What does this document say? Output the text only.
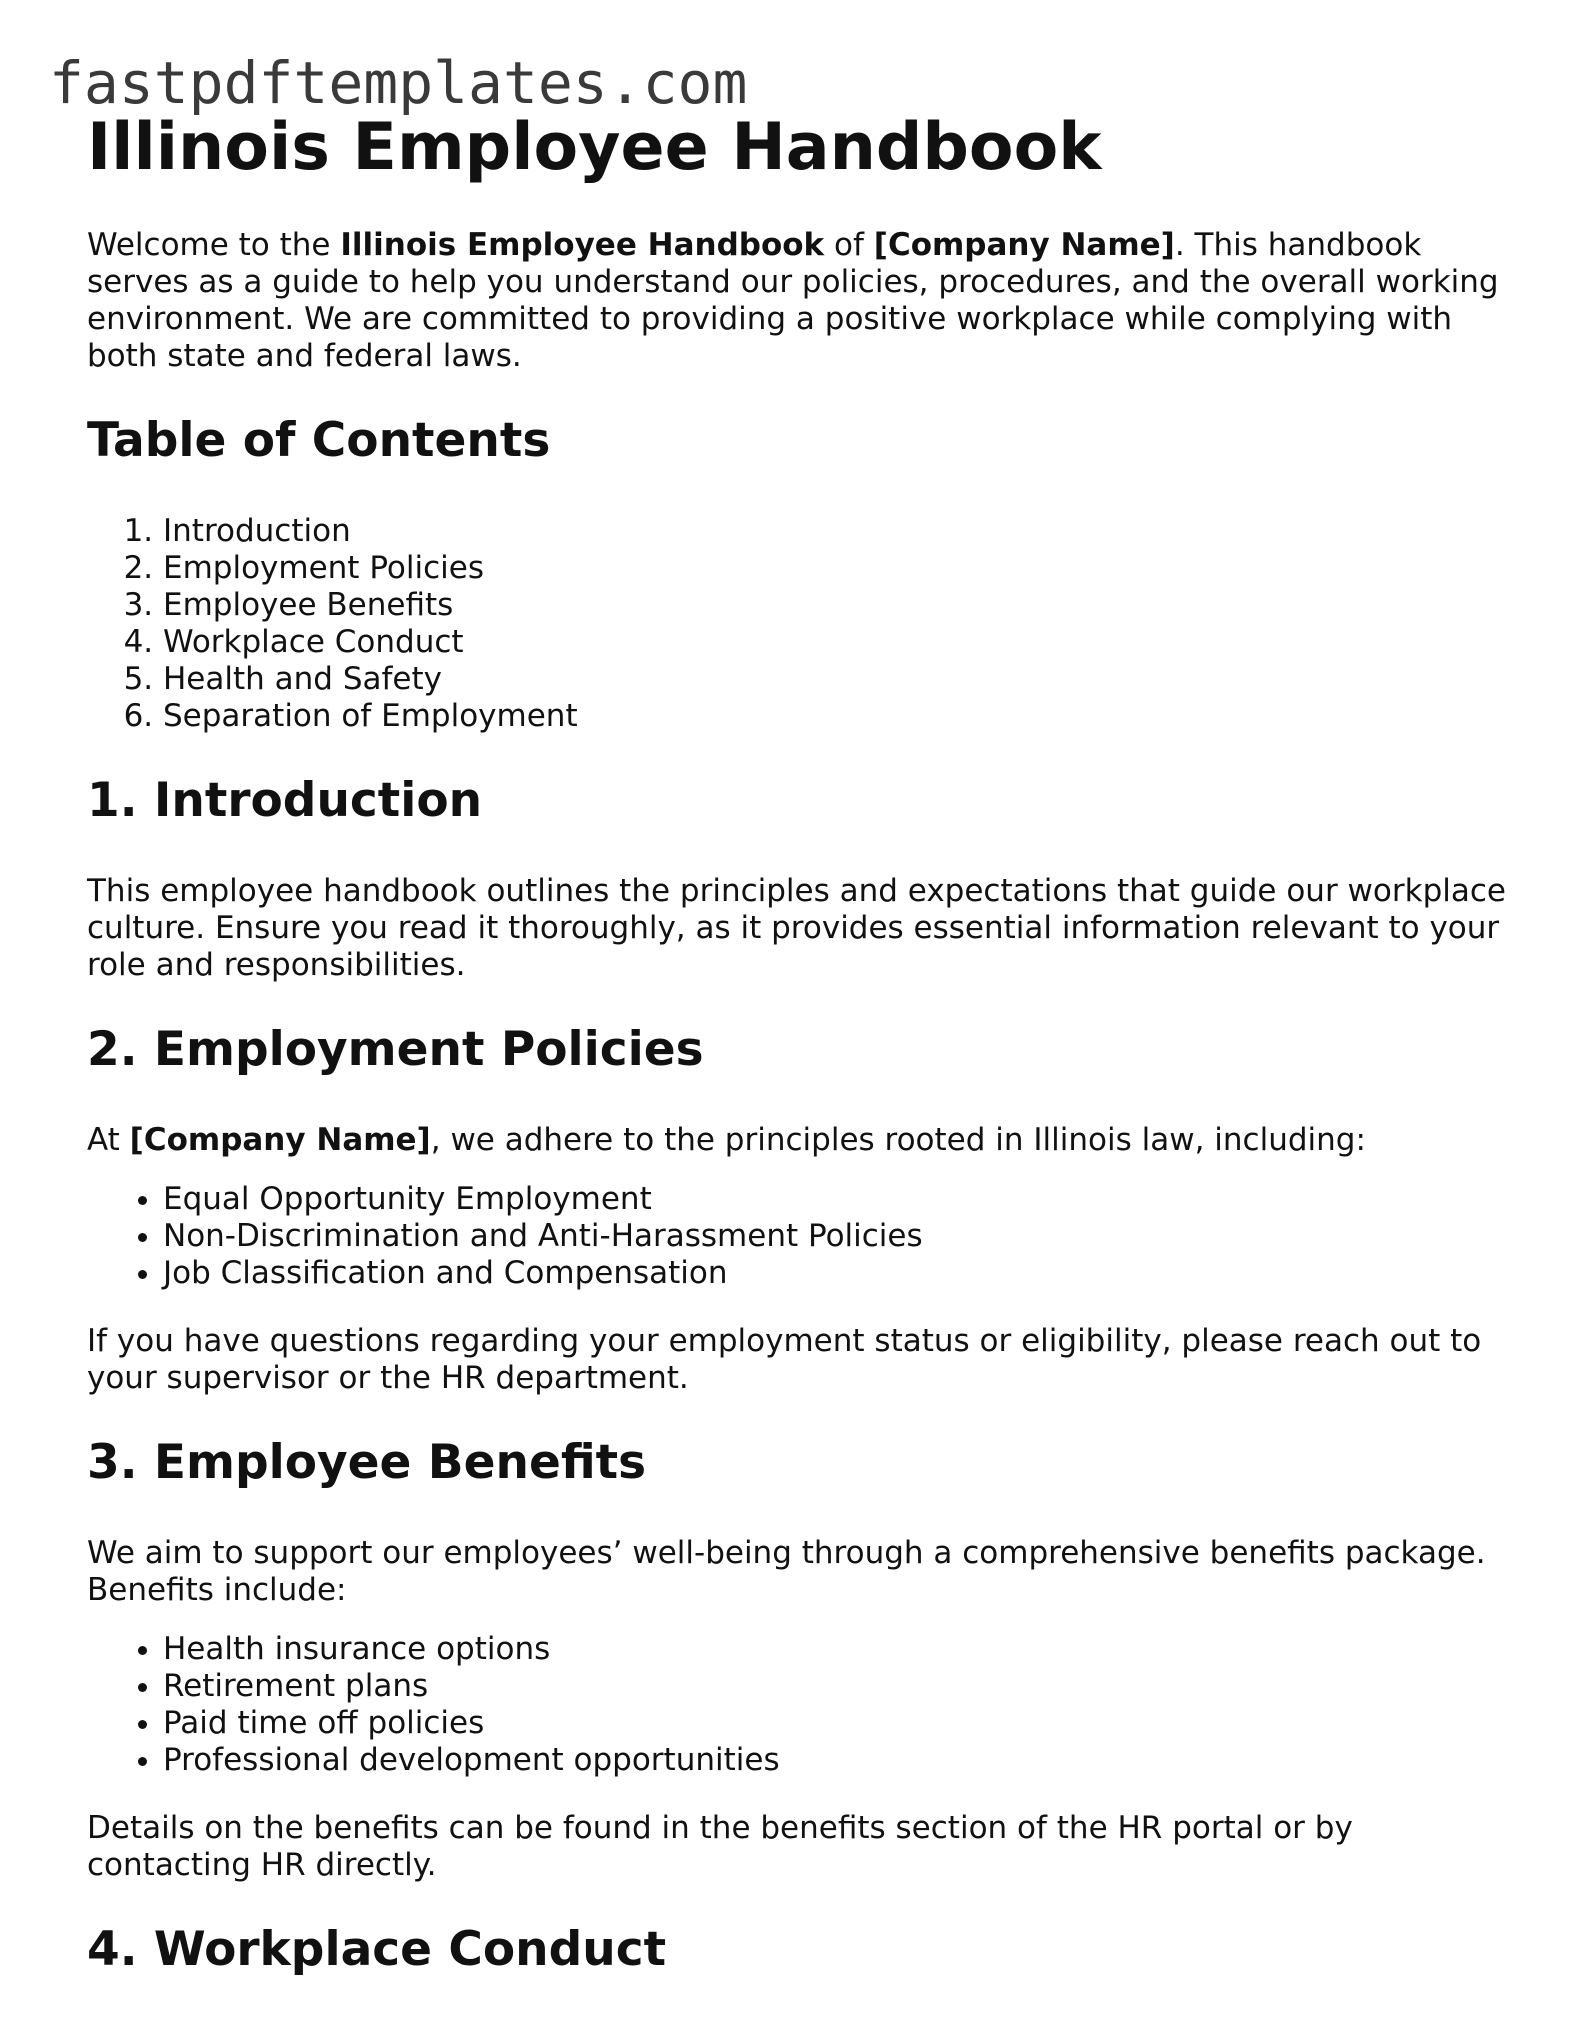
fastpdftemplates.com
Illinois Employee Handbook

Welcome to the Illinois Employee Handbook of [Company Name]. This handbook serves as a guide to help you understand our policies, procedures, and the overall working environment. We are committed to providing a positive workplace while complying with both state and federal laws.

Table of Contents
1. Introduction
2. Employment Policies
3. Employee Benefits
4. Workplace Conduct
5. Health and Safety
6. Separation of Employment
1. Introduction

This employee handbook outlines the principles and expectations that guide our workplace culture. Ensure you read it thoroughly, as it provides essential information relevant to your role and responsibilities.

2. Employment Policies

At [Company Name], we adhere to the principles rooted in Illinois law, including:

• Equal Opportunity Employment
• Non-Discrimination and Anti-Harassment Policies
• Job Classification and Compensation

If you have questions regarding your employment status or eligibility, please reach out to your supervisor or the HR department.

3. Employee Benefits

We aim to support our employees’ well-being through a comprehensive benefits package. Benefits include:

• Health insurance options
• Retirement plans
• Paid time off policies
• Professional development opportunities

Details on the benefits can be found in the benefits section of the HR portal or by contacting HR directly.

4. Workplace Conduct
